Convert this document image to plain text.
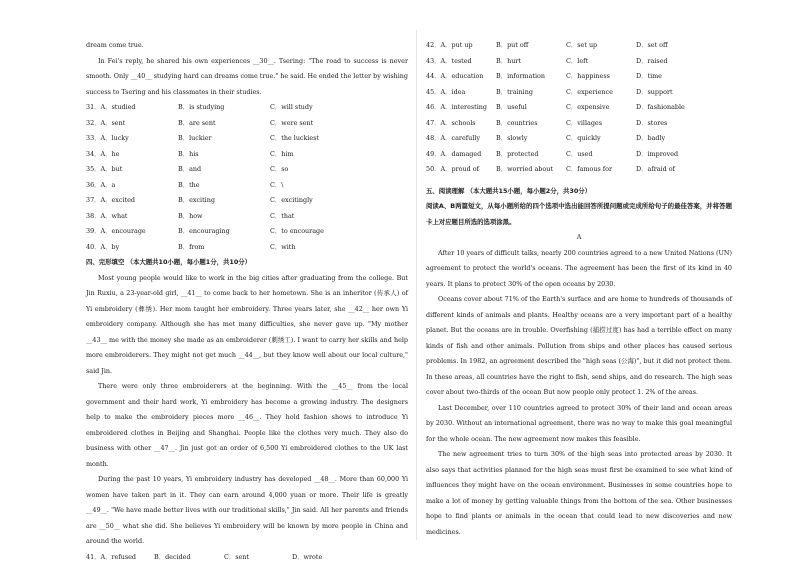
dream come true.
In Fei's reply, he shared his own experiences __30__. Tsering: "The road to success is never smooth. Only __40__ studying hard can dreams come true." he said. He ended the letter by wishing success to Tsering and his classmates in their studies.
31．A．studied	B．is studying	C．will study
32．A．sent	B．are sent	C．were sent
33．A．lucky	B．luckier	C．the luckiest
34．A．he	B．his	C．him
35．A．but	B．and	C．so
36．A．a	B．the	C．\
37．A．excited	B．exciting	C．excitingly
38．A．what	B．how	C．that
39．A．encourage	B．encouraging	C．to encourage
40．A．by	B．from	C．with
四、完形填空 （本大题共10小题，每小题1分，共10分）
Most young people would like to work in the big cities after graduating from the college. But Jin Ruxiu, a 23-year-old girl, __41__ to come back to her hometown. She is an inheritor (传承人) of Yi embroidery (彝绣). Her mom taught her embroidery. Three years later, she __42__ her own Yi embroidery company. Although she has met many difficulties, she never gave up. "My mother __43__ me with the money she made as an embroiderer (刺绣工). I want to carry her skills and help more embroiderers. They might not get much __44__, but they know well about our local culture," said Jin.
There were only three embroiderers at the beginning. With the __45__ from the local government and their hard work, Yi embroidery has become a growing industry. The designers help to make the embroidery pieces more __46__. They hold fashion shows to introduce Yi embroidered clothes in Beijing and Shanghai. People like the clothes very much. They also do business with other __47__. Jin just got an order of 6,500 Yi embroidered clothes to the UK last month.
During the past 10 years, Yi embroidery industry has developed __48__. More than 60,000 Yi women have taken part in it. They can earn around 4,000 yuan or more. Their life is greatly __49__. "We have made better lives with our traditional skills," Jin said. All her parents and friends are __50__ what she did. She believes Yi embroidery will be known by more people in China and around the world.
41．A．refused	B．decided	C．sent	D．wrote
42．A．put up	B．put off	C．set up	D．set off
43．A．tested	B．hurt	C．left	D．raised
44．A．education	B．information	C．happiness	D．time
45．A．idea	B．training	C．experience	D．support
46．A．interesting	B．useful	C．expensive	D．fashionable
47．A．schools	B．countries	C．villages	D．stores
48．A．carefully	B．slowly	C．quickly	D．badly
49．A．damaged	B．protected	C．used	D．improved
50．A．proud of	B．worried about	C．famous for	D．afraid of
五、阅读理解 （本大题共15小题，每小题2分，共30分）
阅读A、B两篇短文，从每小题所给的四个选项中选出能回答所提问题或完成所给句子的最佳答案，并将答题卡上对应题目所选的选项涂黑。
A
After 10 years of difficult talks, nearly 200 countries agreed to a new United Nations (UN) agreement to protect the world's oceans. The agreement has been the first of its kind in 40 years. It plans to protect 30% of the open oceans by 2030.
Oceans cover about 71% of the Earth's surface and are home to hundreds of thousands of different kinds of animals and plants. Healthy oceans are a very important part of a healthy planet. But the oceans are in trouble. Overfishing (捕捞过度) has had a terrible effect on many kinds of fish and other animals. Pollution from ships and other places has caused serious problems. In 1982, an agreement described the "high seas (公海)", but it did not protect them. In these areas, all countries have the right to fish, send ships, and do research. The high seas cover about two-thirds of the ocean But now people only protect 1. 2% of the areas.
Last December, over 110 countries agreed to protect 30% of their land and ocean areas by 2030. Without an international agreement, there was no way to make this goal meaningful for the whole ocean. The new agreement now makes this feasible.
The new agreement tries to turn 30% of the high seas into protected areas by 2030. It also says that activities planned for the high seas must first be examined to see what kind of influences they might have on the ocean environment. Businesses in some countries hope to make a lot of money by getting valuable things from the bottom of the sea. Other businesses hope to find plants or animals in the ocean that could lead to new discoveries and new medicines.
